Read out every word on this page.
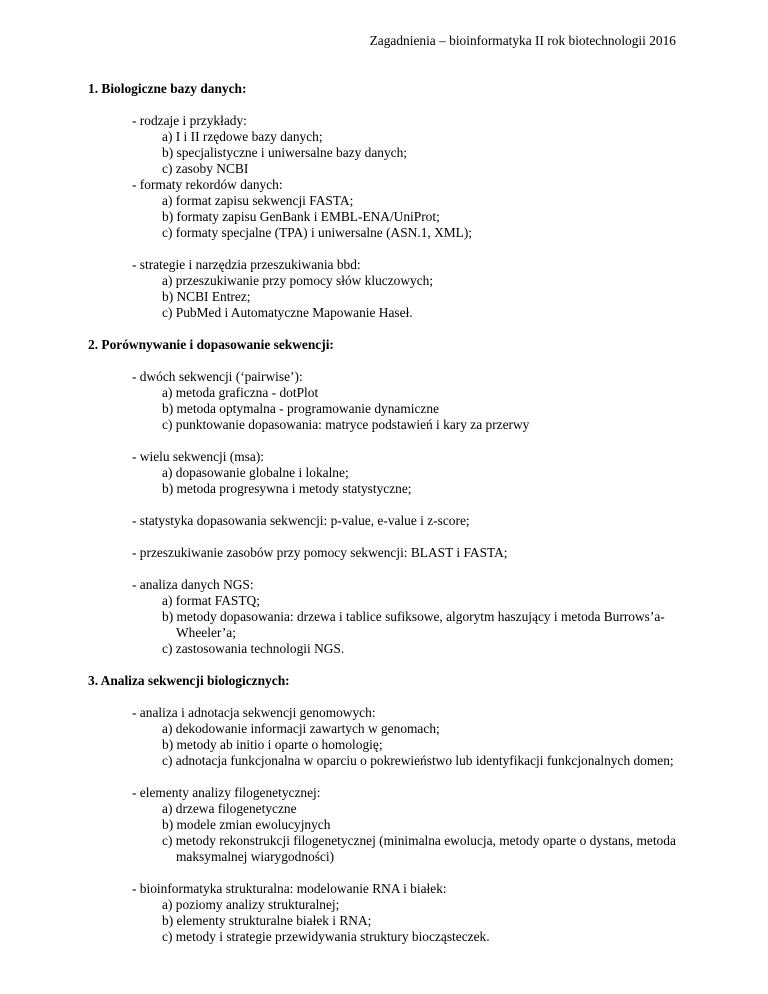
Zagadnienia – bioinformatyka II rok biotechnologii 2016
1. Biologiczne bazy danych:
- rodzaje i przykłady:
a) I i II rzędowe bazy danych;
b) specjalistyczne i uniwersalne bazy danych;
c) zasoby NCBI
- formaty rekordów danych:
a) format zapisu sekwencji FASTA;
b) formaty zapisu GenBank i EMBL-ENA/UniProt;
c) formaty specjalne (TPA) i uniwersalne (ASN.1, XML);
- strategie i narzędzia przeszukiwania bbd:
a) przeszukiwanie przy pomocy słów kluczowych;
b) NCBI Entrez;
c) PubMed i Automatyczne Mapowanie Haseł.
2. Porównywanie i dopasowanie sekwencji:
- dwóch sekwencji (‘pairwise’):
a) metoda graficzna - dotPlot
b) metoda optymalna - programowanie dynamiczne
c) punktowanie dopasowania: matryce podstawień i kary za przerwy
- wielu sekwencji (msa):
a) dopasowanie globalne i lokalne;
b) metoda progresywna i metody statystyczne;
- statystyka dopasowania sekwencji: p-value, e-value i z-score;
- przeszukiwanie zasobów przy pomocy sekwencji: BLAST i FASTA;
- analiza danych NGS:
a) format FASTQ;
b) metody dopasowania: drzewa i tablice sufiksowe, algorytm haszujący i metoda Burrows’a- Wheeler’a;
c) zastosowania technologii NGS.
3. Analiza sekwencji biologicznych:
- analiza i adnotacja sekwencji genomowych:
a) dekodowanie informacji zawartych w genomach;
b) metody ab initio i oparte o homologię;
c) adnotacja funkcjonalna w oparciu o pokrewieństwo lub identyfikacji funkcjonalnych domen;
- elementy analizy filogenetycznej:
a) drzewa filogenetyczne
b) modele zmian ewolucyjnych
c) metody rekonstrukcji filogenetycznej (minimalna ewolucja, metody oparte o dystans, metoda maksymalnej wiarygodności)
- bioinformatyka strukturalna: modelowanie RNA i białek:
a) poziomy analizy strukturalnej;
b) elementy strukturalne białek i RNA;
c) metody i strategie przewidywania struktury biocząsteczek.
